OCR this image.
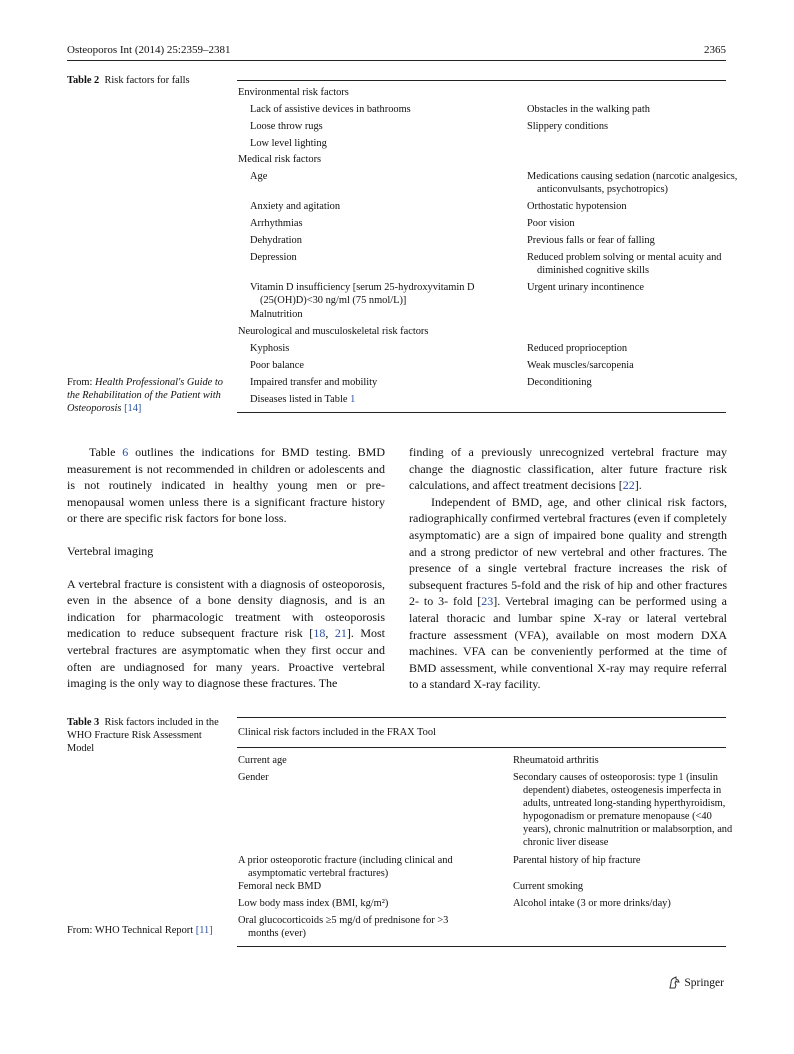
Osteoporos Int (2014) 25:2359–2381	2365
Table 2 Risk factors for falls
Environmental risk factors
Lack of assistive devices in bathrooms
Loose throw rugs
Low level lighting
Obstacles in the walking path
Slippery conditions
Medical risk factors
Age
Anxiety and agitation
Arrhythmias
Dehydration
Depression
Vitamin D insufficiency [serum 25-hydroxyvitamin D (25(OH)D)<30 ng/ml (75 nmol/L)]
Malnutrition
Medications causing sedation (narcotic analgesics, anticonvulsants, psychotropics)
Orthostatic hypotension
Poor vision
Previous falls or fear of falling
Reduced problem solving or mental acuity and diminished cognitive skills
Urgent urinary incontinence
Neurological and musculoskeletal risk factors
Kyphosis
Poor balance
Impaired transfer and mobility
Diseases listed in Table 1
Reduced proprioception
Weak muscles/sarcopenia
Deconditioning
From: Health Professional's Guide to the Rehabilitation of the Patient with Osteoporosis [14]

Table 6 outlines the indications for BMD testing. BMD measurement is not recommended in children or adolescents and is not routinely indicated in healthy young men or pre-menopausal women unless there is a significant fracture history or there are specific risk factors for bone loss.

Vertebral imaging

A vertebral fracture is consistent with a diagnosis of osteoporosis, even in the absence of a bone density diagnosis, and is an indication for pharmacologic treatment with osteoporosis medication to reduce subsequent fracture risk [18, 21]. Most vertebral fractures are asymptomatic when they first occur and often are undiagnosed for many years. Proactive vertebral imaging is the only way to diagnose these fractures. The

finding of a previously unrecognized vertebral fracture may change the diagnostic classification, alter future fracture risk calculations, and affect treatment decisions [22].

Independent of BMD, age, and other clinical risk factors, radiographically confirmed vertebral fractures (even if completely asymptomatic) are a sign of impaired bone quality and strength and a strong predictor of new vertebral and other fractures. The presence of a single vertebral fracture increases the risk of subsequent fractures 5-fold and the risk of hip and other fractures 2- to 3- fold [23]. Vertebral imaging can be performed using a lateral thoracic and lumbar spine X-ray or lateral vertebral fracture assessment (VFA), available on most modern DXA machines. VFA can be conveniently performed at the time of BMD assessment, while conventional X-ray may require referral to a standard X-ray facility.

Table 3 Risk factors included in the WHO Fracture Risk Assessment Model
Clinical risk factors included in the FRAX Tool
Current age
Gender
A prior osteoporotic fracture (including clinical and asymptomatic vertebral fractures)
Femoral neck BMD
Low body mass index (BMI, kg/m²)
Oral glucocorticoids ≥5 mg/d of prednisone for >3 months (ever)
Rheumatoid arthritis
Secondary causes of osteoporosis: type 1 (insulin dependent) diabetes, osteogenesis imperfecta in adults, untreated long-standing hyperthyroidism, hypogonadism or premature menopause (<40 years), chronic malnutrition or malabsorption, and chronic liver disease
Parental history of hip fracture
Current smoking
Alcohol intake (3 or more drinks/day)
From: WHO Technical Report [11]
Springer
